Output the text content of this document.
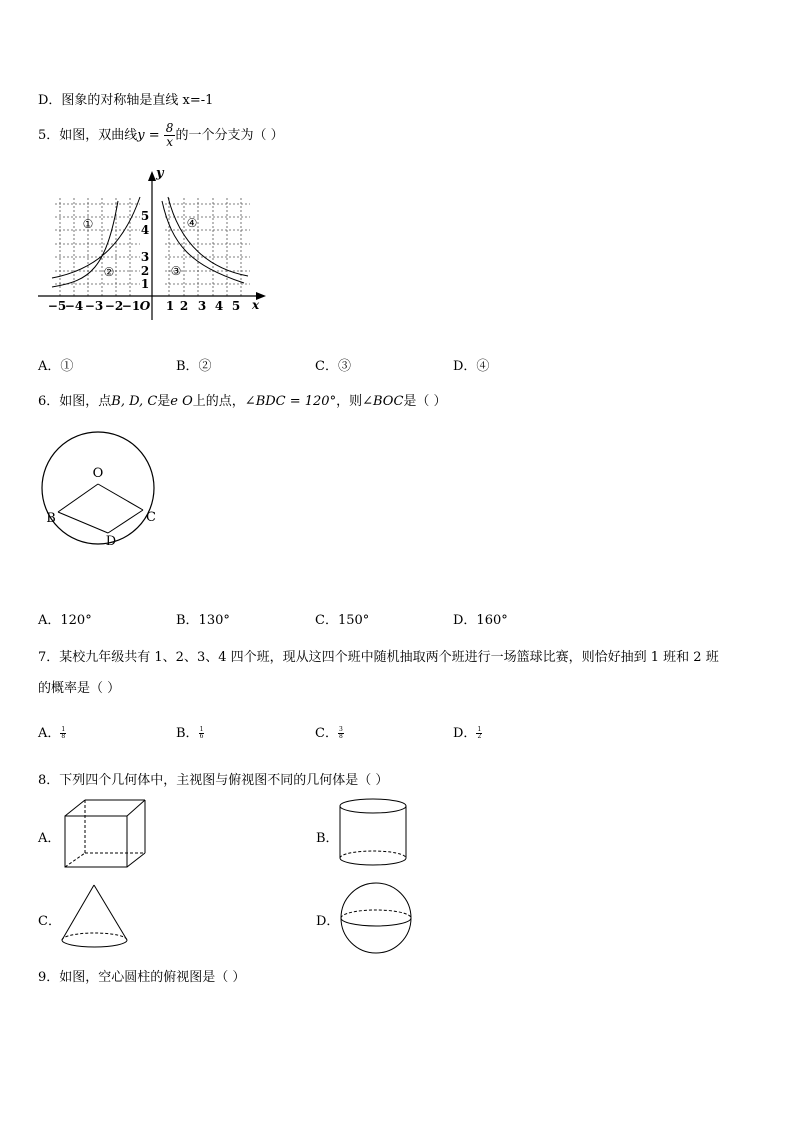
D．图象的对称轴是直线 x=-1
5．如图，双曲线$y = \frac{8}{x}$ 的一个分支为（ ）
y
x
−5
−4 −3 −2
−1 O 1 2 3 4 5
1
2
3
4
5
①
②	③
④
A．①	B．②	C．③	D．④
6．如图，点B, D, C是e O上的点，∠BDC = 120°，则∠BOC是（ ）
O
B	C
D
A．120°	B．130°	C．150°	D．160°
7．某校九年级共有 1、2、3、4 四个班，现从这四个班中随机抽取两个班进行一场篮球比赛，则恰好抽到 1 班和 2 班
的概率是（ ）
A． $\frac{1}{8}$	B． $\frac{1}{6}$	C． $\frac{3}{8}$	D． $\frac{1}{2}$
8．下列四个几何体中，主视图与俯视图不同的几何体是（ ）
A．	B．
C．	D．
9．如图，空心圆柱的俯视图是（ ）
